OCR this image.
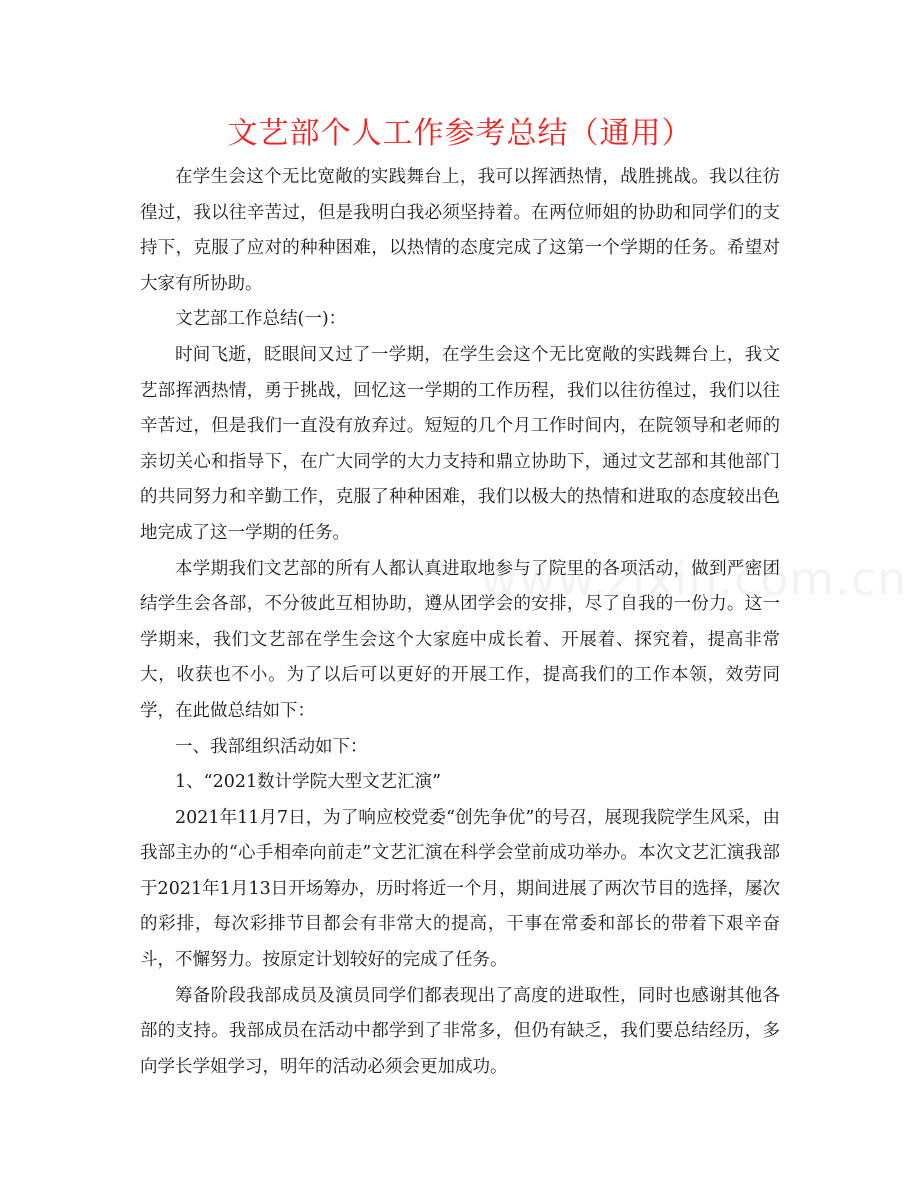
文艺部个人工作参考总结（通用）

在学生会这个无比宽敞的实践舞台上，我可以挥洒热情，战胜挑战。我以往彷徨过，我以往辛苦过，但是我明白我必须坚持着。在两位师姐的协助和同学们的支持下，克服了应对的种种困难，以热情的态度完成了这第一个学期的任务。希望对大家有所协助。

文艺部工作总结(一)：

时间飞逝，眨眼间又过了一学期，在学生会这个无比宽敞的实践舞台上，我文艺部挥洒热情，勇于挑战，回忆这一学期的工作历程，我们以往彷徨过，我们以往辛苦过，但是我们一直没有放弃过。短短的几个月工作时间内，在院领导和老师的亲切关心和指导下，在广大同学的大力支持和鼎立协助下，通过文艺部和其他部门的共同努力和辛勤工作，克服了种种困难，我们以极大的热情和进取的态度较出色地完成了这一学期的任务。

本学期我们文艺部的所有人都认真进取地参与了院里的各项活动，做到严密团结学生会各部，不分彼此互相协助，遵从团学会的安排，尽了自我的一份力。这一学期来，我们文艺部在学生会这个大家庭中成长着、开展着、探究着，提高非常大，收获也不小。为了以后可以更好的开展工作，提高我们的工作本领，效劳同学，在此做总结如下：

一、我部组织活动如下：

1、“2021数计学院大型文艺汇演”

2021年11月7日，为了响应校党委“创先争优”的号召，展现我院学生风采，由我部主办的“心手相牵向前走”文艺汇演在科学会堂前成功举办。本次文艺汇演我部于2021年1月13日开场筹办，历时将近一个月，期间进展了两次节目的选择，屡次的彩排，每次彩排节目都会有非常大的提高，干事在常委和部长的带着下艰辛奋斗，不懈努力。按原定计划较好的完成了任务。

筹备阶段我部成员及演员同学们都表现出了高度的进取性，同时也感谢其他各部的支持。我部成员在活动中都学到了非常多，但仍有缺乏，我们要总结经历，多向学长学姐学习，明年的活动必须会更加成功。
